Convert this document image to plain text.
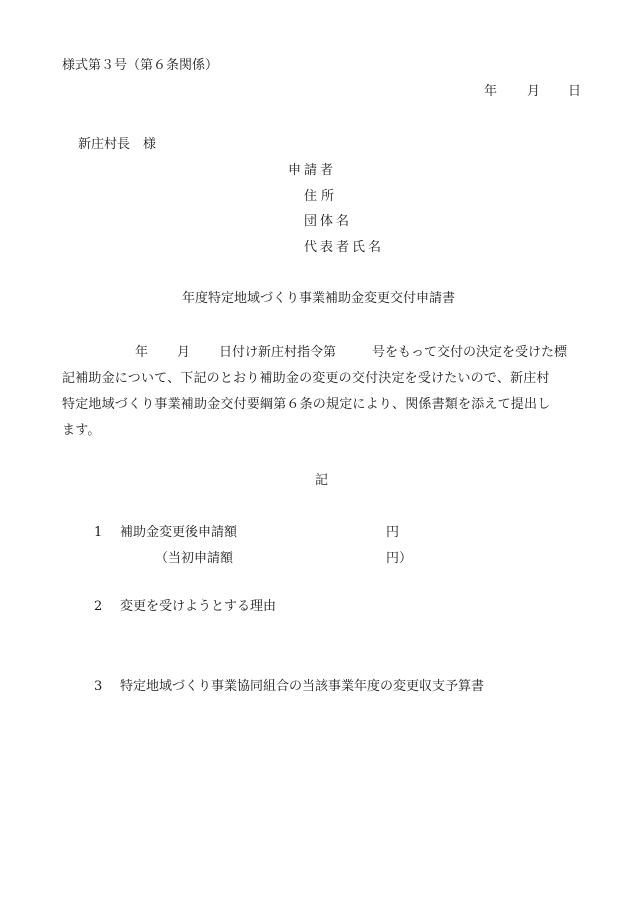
様式第３号（第６条関係）
年 月 日
新庄村長　様
申請者
住所
団体名
代表者氏名
年度特定地域づくり事業補助金変更交付申請書
年 月 日付け新庄村指令第	号をもって交付の決定を受けた標
記補助金について、下記のとおり補助金の変更の交付決定を受けたいので、新庄村
特定地域づくり事業補助金交付要綱第６条の規定により、関係書類を添えて提出し
ます。
記
1 補助金変更後申請額	円
（当初申請額	円）
2 変更を受けようとする理由
3 特定地域づくり事業協同組合の当該事業年度の変更収支予算書
